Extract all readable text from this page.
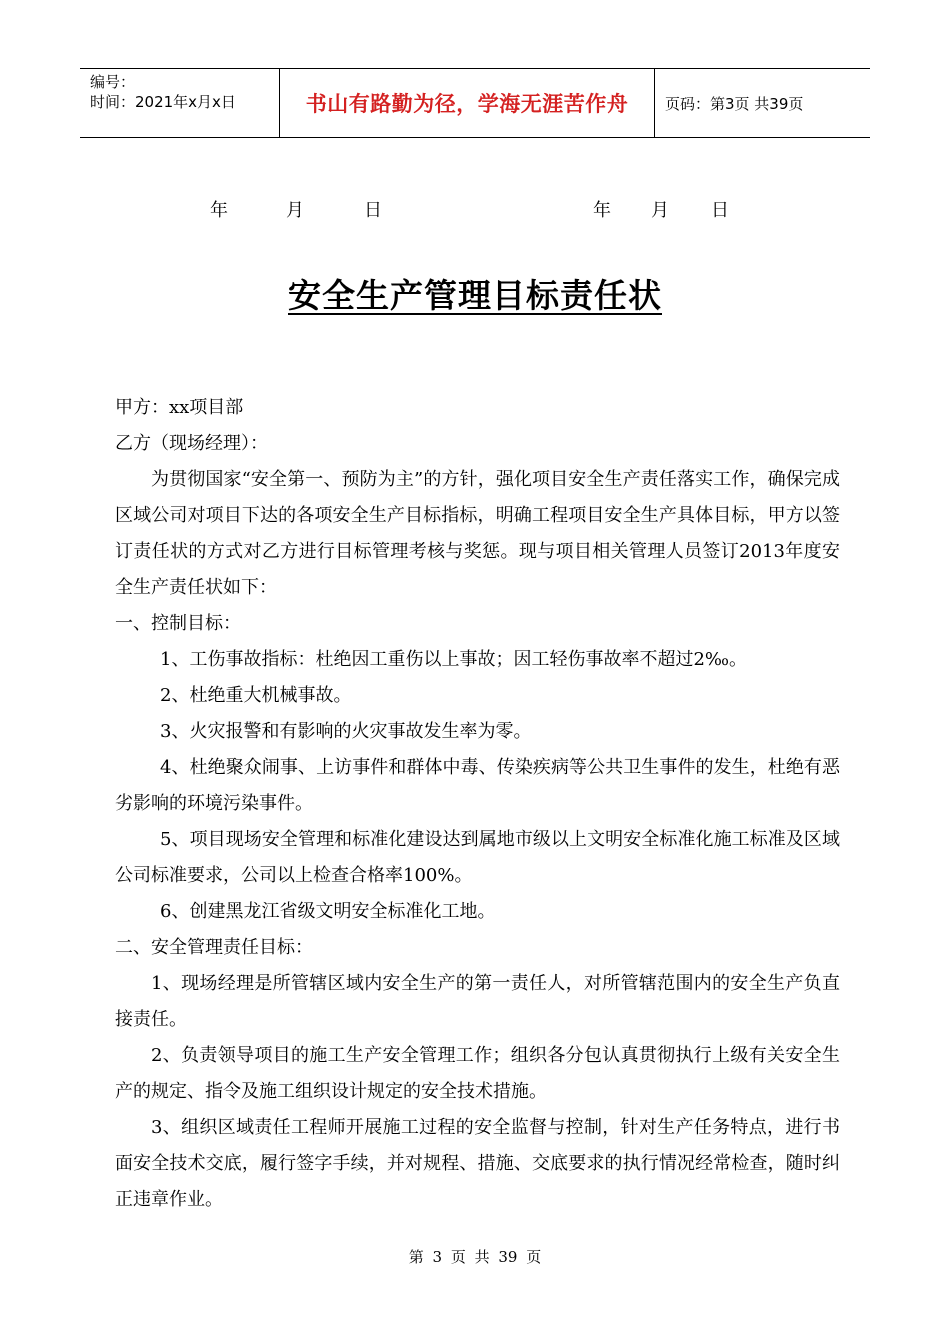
编号：
时间：2021年x月x日	书山有路勤为径，学海无涯苦作舟 页码：第3页 共39页
年	月	日	年 月 日
安全生产管理目标责任状

甲方：xx项目部

乙方（现场经理）：

为贯彻国家“安全第一、预防为主”的方针，强化项目安全生产责任落实工作，确保完成区域公司对项目下达的各项安全生产目标指标，明确工程项目安全生产具体目标，甲方以签订责任状的方式对乙方进行目标管理考核与奖惩。现与项目相关管理人员签订2013年度安全生产责任状如下：

一、控制目标：

1、工伤事故指标：杜绝因工重伤以上事故；因工轻伤事故率不超过2‰。

2、杜绝重大机械事故。

3、火灾报警和有影响的火灾事故发生率为零。

4、杜绝聚众闹事、上访事件和群体中毒、传染疾病等公共卫生事件的发生，杜绝有恶劣影响的环境污染事件。

5、项目现场安全管理和标准化建设达到属地市级以上文明安全标准化施工标准及区域公司标准要求，公司以上检查合格率100%。

6、创建黑龙江省级文明安全标准化工地。

二、安全管理责任目标：

1、现场经理是所管辖区域内安全生产的第一责任人，对所管辖范围内的安全生产负直接责任。

2、负责领导项目的施工生产安全管理工作；组织各分包认真贯彻执行上级有关安全生产的规定、指令及施工组织设计规定的安全技术措施。

3、组织区域责任工程师开展施工过程的安全监督与控制，针对生产任务特点，进行书面安全技术交底，履行签字手续，并对规程、措施、交底要求的执行情况经常检查，随时纠正违章作业。

第 3 页 共 39 页
